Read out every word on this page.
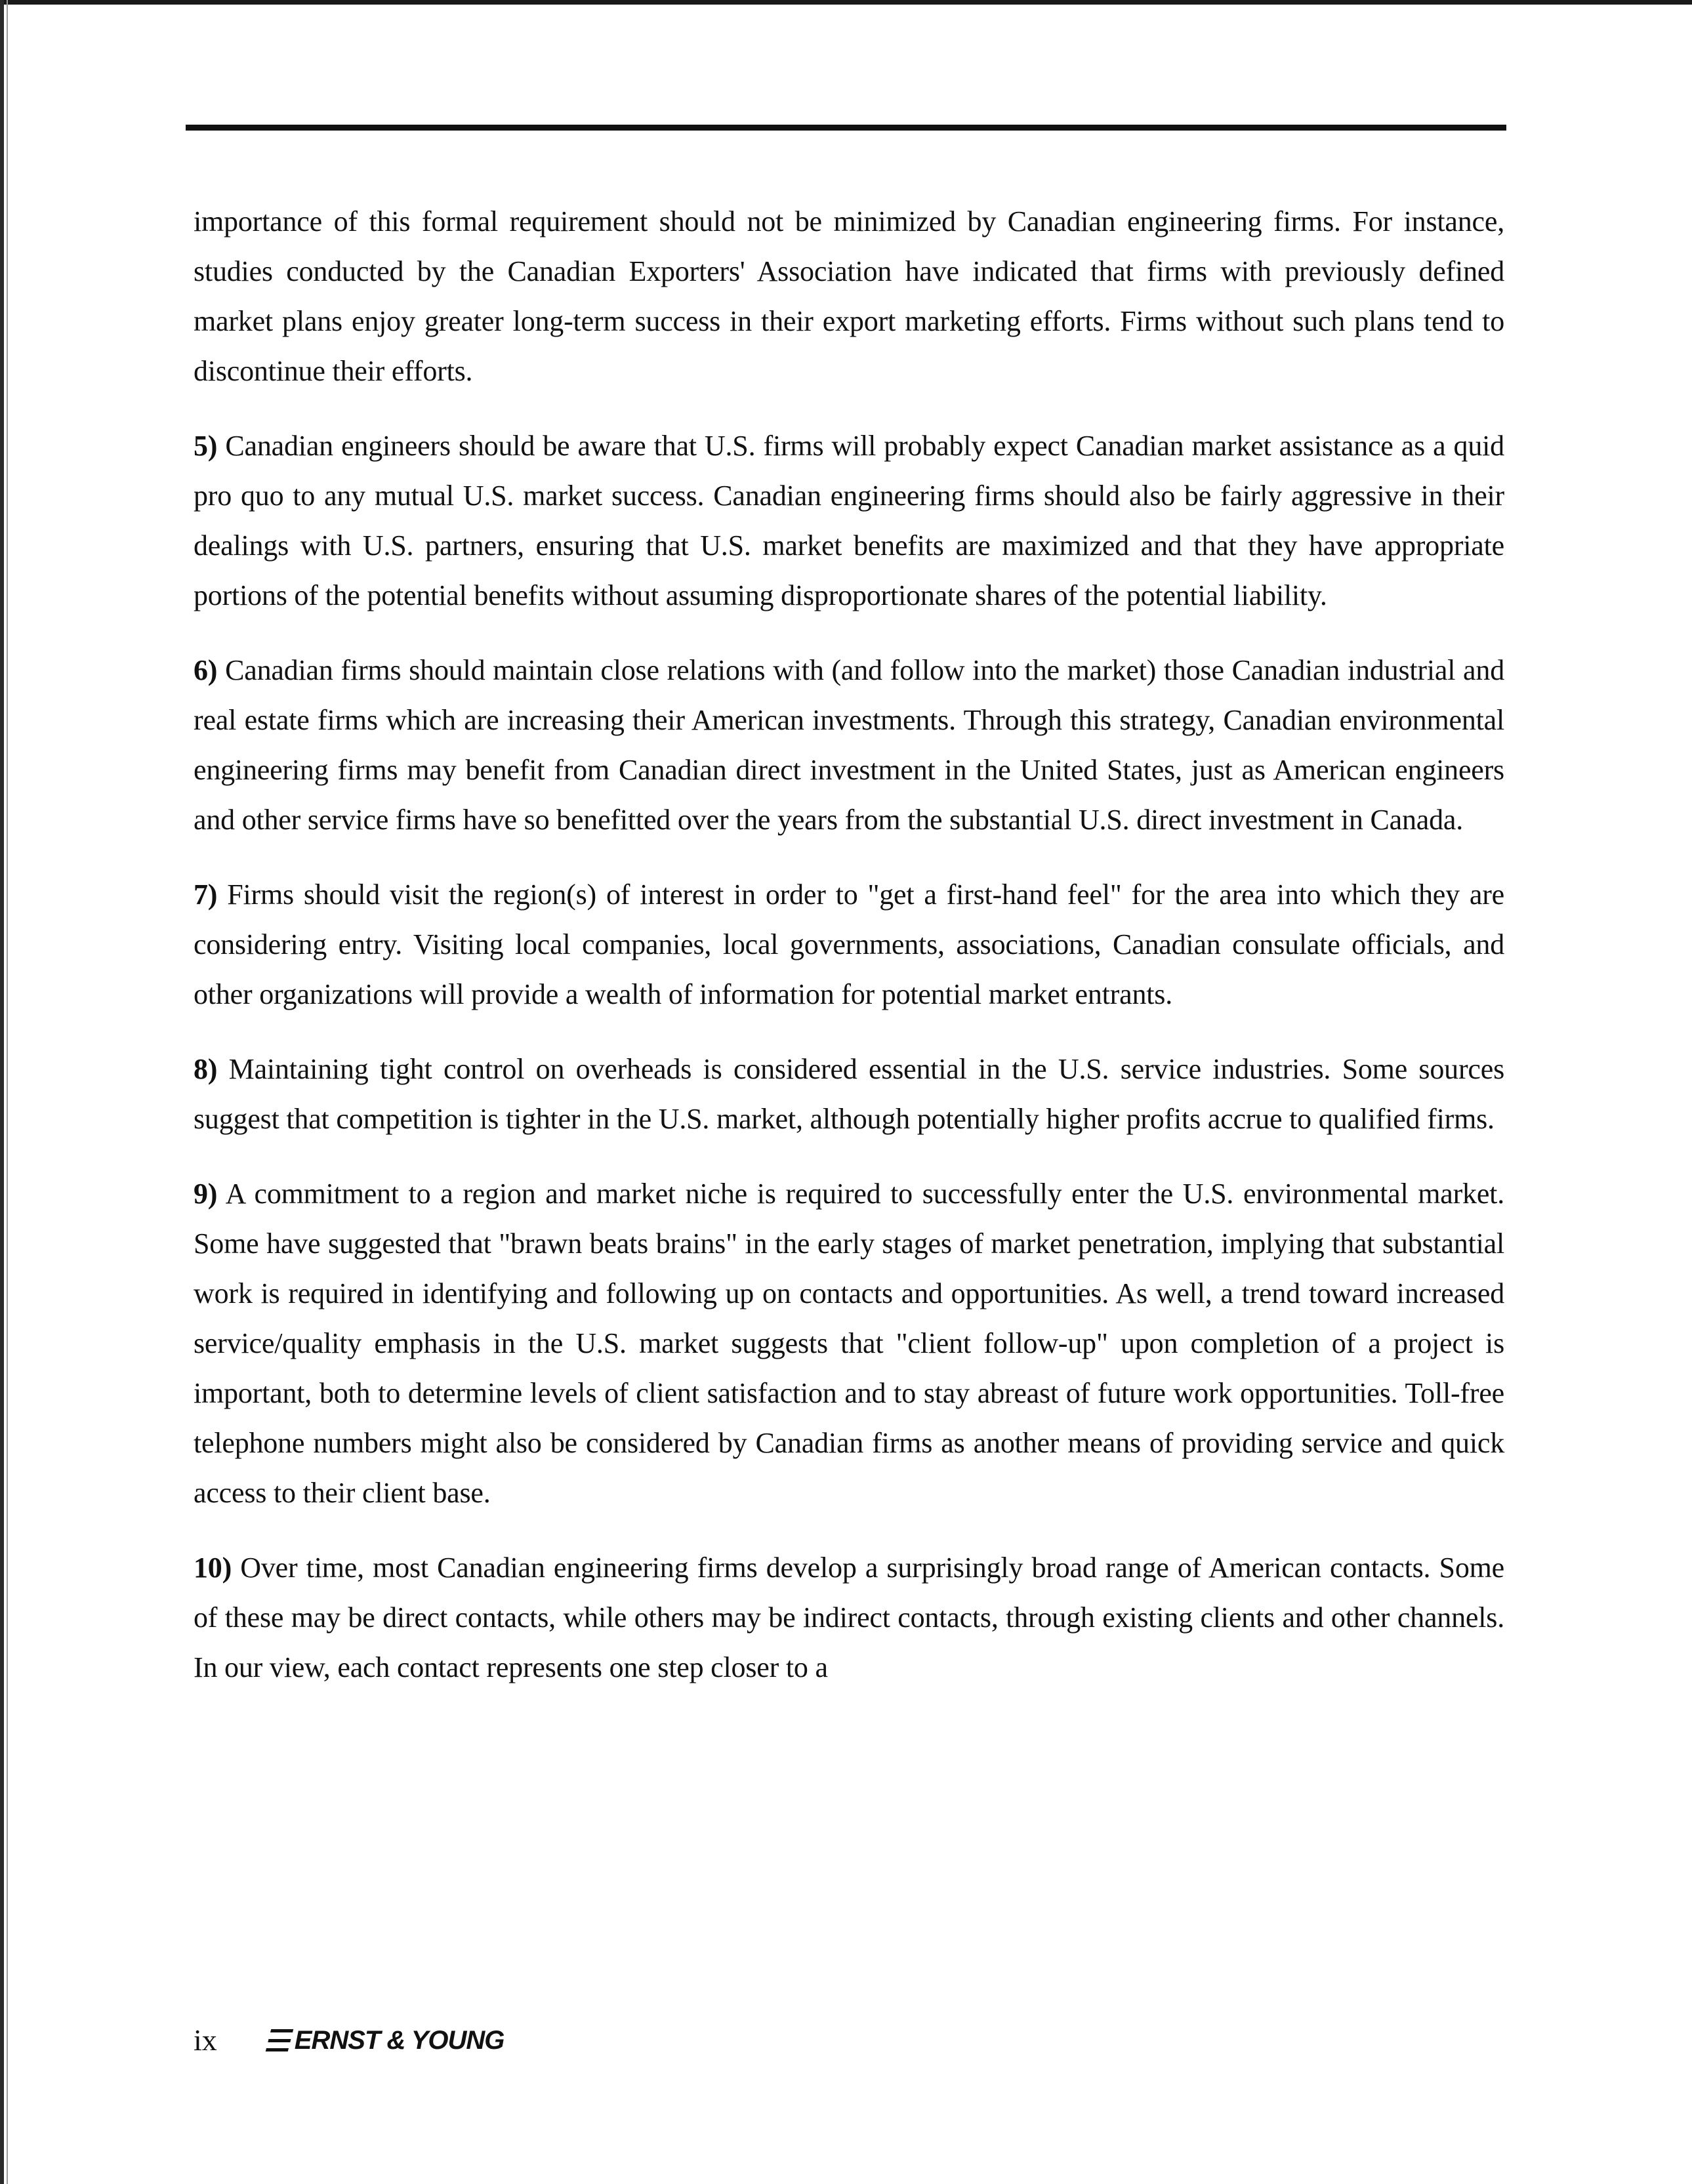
importance of this formal requirement should not be minimized by Canadian engineering firms. For instance, studies conducted by the Canadian Exporters' Association have indicated that firms with previously defined market plans enjoy greater long-term success in their export marketing efforts. Firms without such plans tend to discontinue their efforts.

5) Canadian engineers should be aware that U.S. firms will probably expect Canadian market assistance as a quid pro quo to any mutual U.S. market success. Canadian engineering firms should also be fairly aggressive in their dealings with U.S. partners, ensuring that U.S. market benefits are maximized and that they have appropriate portions of the potential benefits without assuming disproportionate shares of the potential liability.

6) Canadian firms should maintain close relations with (and follow into the market) those Canadian industrial and real estate firms which are increasing their American investments. Through this strategy, Canadian environmental engineering firms may benefit from Canadian direct investment in the United States, just as American engineers and other service firms have so benefitted over the years from the substantial U.S. direct investment in Canada.

7) Firms should visit the region(s) of interest in order to "get a first-hand feel" for the area into which they are considering entry. Visiting local companies, local governments, associations, Canadian consulate officials, and other organizations will provide a wealth of information for potential market entrants.

8) Maintaining tight control on overheads is considered essential in the U.S. service industries. Some sources suggest that competition is tighter in the U.S. market, although potentially higher profits accrue to qualified firms.

9) A commitment to a region and market niche is required to successfully enter the U.S. environmental market. Some have suggested that "brawn beats brains" in the early stages of market penetration, implying that substantial work is required in identifying and following up on contacts and opportunities. As well, a trend toward increased service/quality emphasis in the U.S. market suggests that "client follow-up" upon completion of a project is important, both to determine levels of client satisfaction and to stay abreast of future work opportunities. Toll-free telephone numbers might also be considered by Canadian firms as another means of providing service and quick access to their client base.

10) Over time, most Canadian engineering firms develop a surprisingly broad range of American contacts. Some of these may be direct contacts, while others may be indirect contacts, through existing clients and other channels. In our view, each contact represents one step closer to a

ix	ERNST & YOUNG
